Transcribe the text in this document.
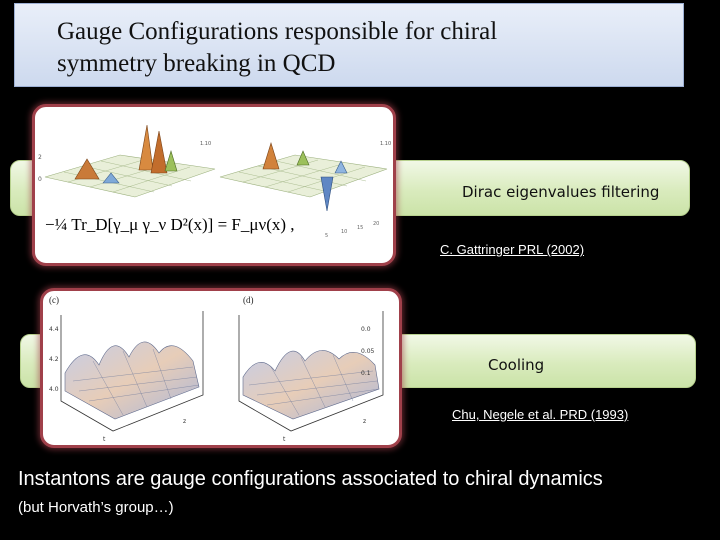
Gauge Configurations responsible for chiral
symmetry breaking in QCD
Dirac eigenvalues filtering
C. Gattringer PRL (2002)
Cooling
Chu, Negele et al. PRD (1993)
2
0
1.10	1.10
5
10
15
20
−¼ Tr_D[γ_μ γ_ν D²(x)] = F_μν(x) ,
4.4
4.2
4.0
z
t
0.0
0.05
0.1
z
t
(c)	(d)
Instantons are gauge configurations associated to chiral dynamics
(but Horvath’s group…)
